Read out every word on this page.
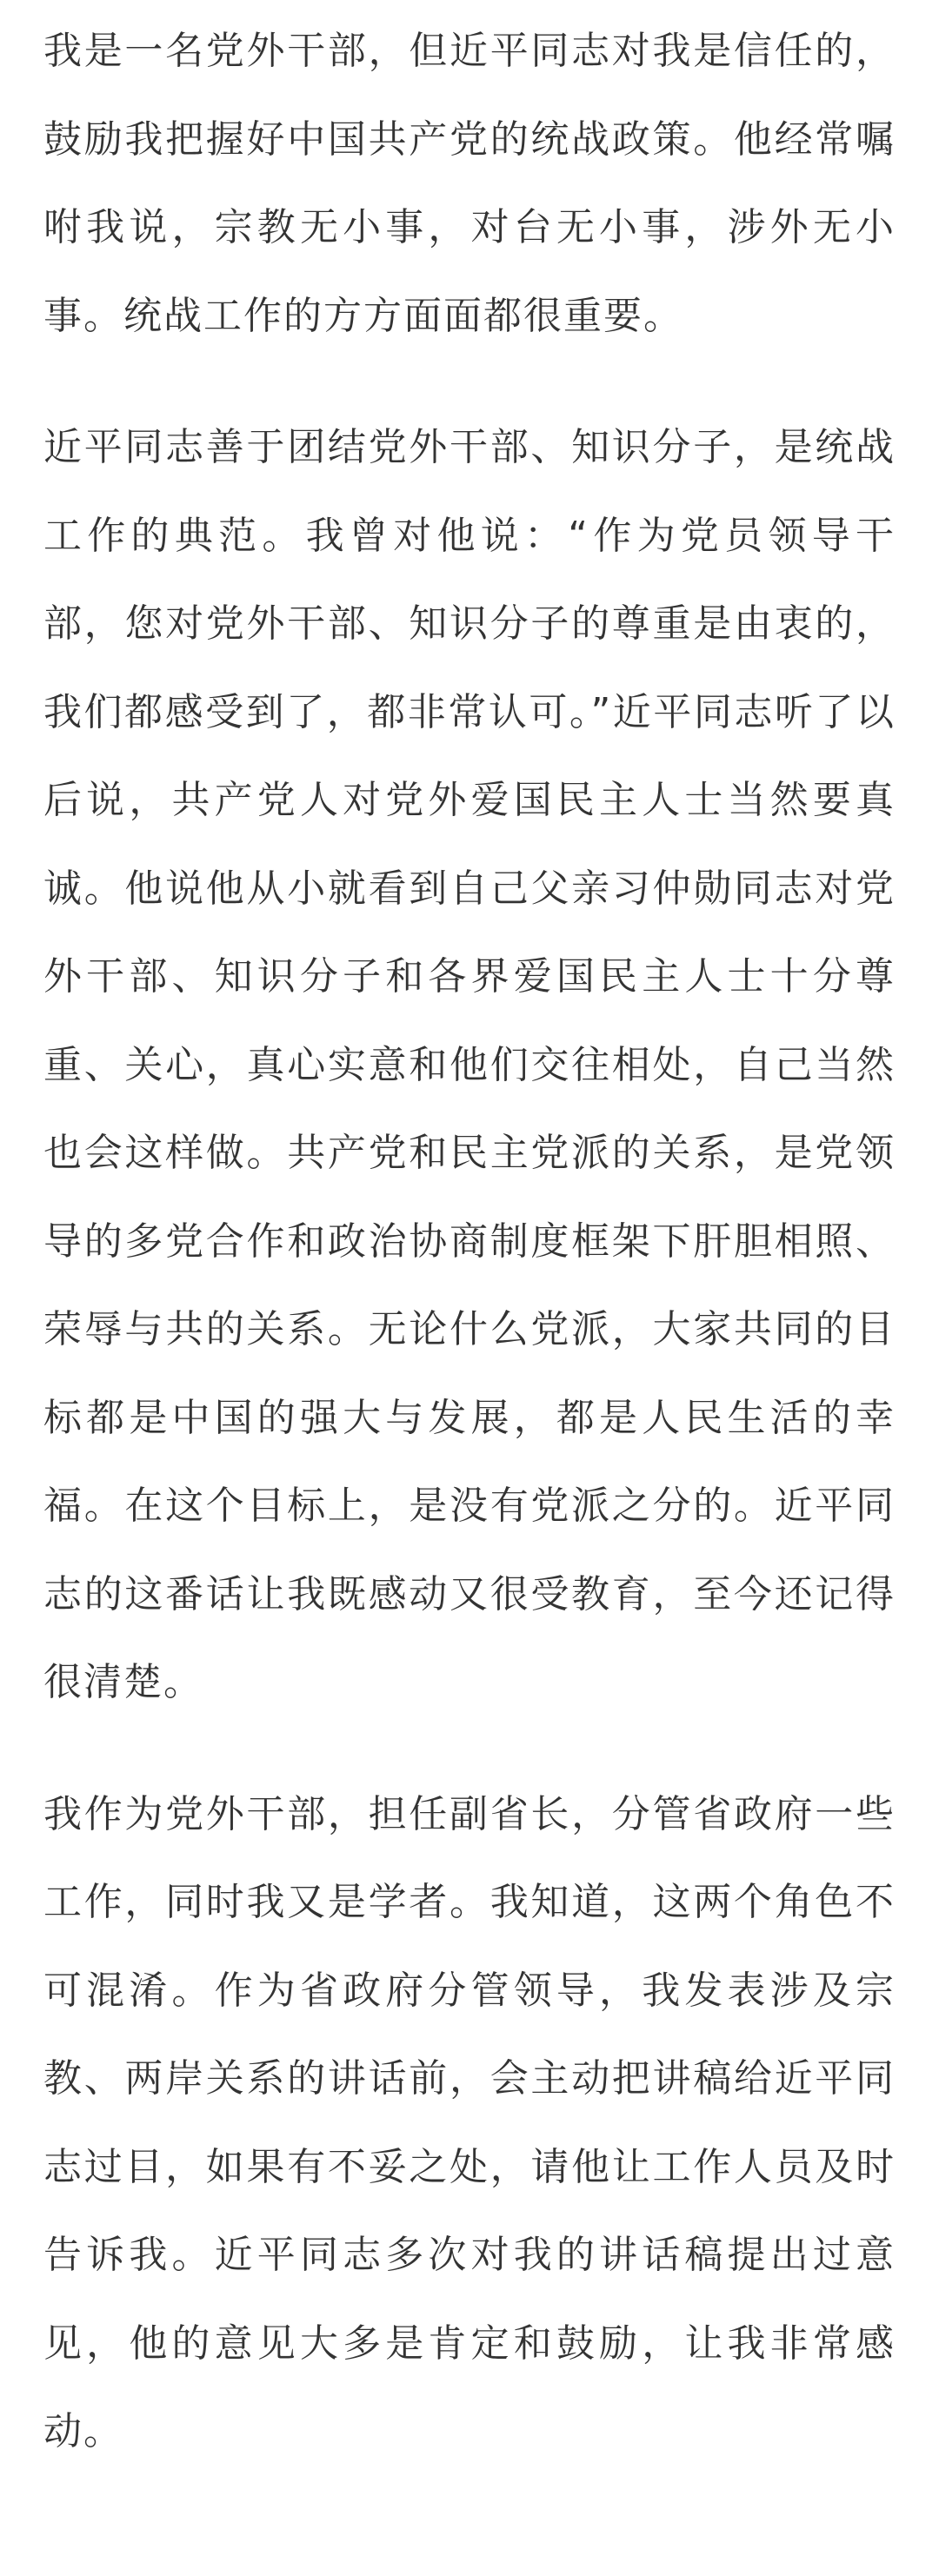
我是一名党外干部，但近平同志对我是信任的，鼓励我把握好中国共产党的统战政策。他经常嘱咐我说，宗教无小事，对台无小事，涉外无小事。统战工作的方方面面都很重要。

近平同志善于团结党外干部、知识分子，是统战工作的典范。我曾对他说：“作为党员领导干部，您对党外干部、知识分子的尊重是由衷的，我们都感受到了，都非常认可。”近平同志听了以后说，共产党人对党外爱国民主人士当然要真诚。他说他从小就看到自己父亲习仲勋同志对党外干部、知识分子和各界爱国民主人士十分尊重、关心，真心实意和他们交往相处，自己当然也会这样做。共产党和民主党派的关系，是党领导的多党合作和政治协商制度框架下肝胆相照、荣辱与共的关系。无论什么党派，大家共同的目标都是中国的强大与发展，都是人民生活的幸福。在这个目标上，是没有党派之分的。近平同志的这番话让我既感动又很受教育，至今还记得很清楚。

我作为党外干部，担任副省长，分管省政府一些工作，同时我又是学者。我知道，这两个角色不可混淆。作为省政府分管领导，我发表涉及宗教、两岸关系的讲话前，会主动把讲稿给近平同志过目，如果有不妥之处，请他让工作人员及时告诉我。近平同志多次对我的讲话稿提出过意见，他的意见大多是肯定和鼓励，让我非常感动。
